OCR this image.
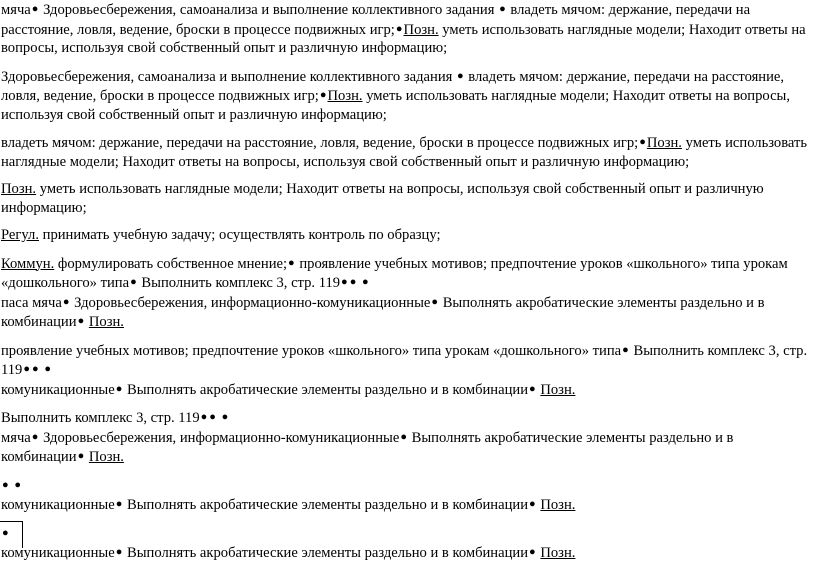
мяча● Здоровьесбережения, самоанализа и выполнение коллективного задания ● владеть мячом: держание, передачи на расстояние, ловля, ведение, броски в процессе подвижных игр;●Позн. уметь использовать наглядные модели; Находит ответы на вопросы, используя свой собственный опыт и различную информацию;

Здоровьесбережения, самоанализа и выполнение коллективного задания ● владеть мячом: держание, передачи на расстояние, ловля, ведение, броски в процессе подвижных игр;●Позн. уметь использовать наглядные модели; Находит ответы на вопросы, используя свой собственный опыт и различную информацию;

владеть мячом: держание, передачи на расстояние, ловля, ведение, броски в процессе подвижных игр;●Позн. уметь использовать наглядные модели; Находит ответы на вопросы, используя свой собственный опыт и различную информацию;

Позн. уметь использовать наглядные модели; Находит ответы на вопросы, используя свой собственный опыт и различную информацию;

Регул. принимать учебную задачу; осуществлять контроль по образцу;

Коммун. формулировать собственное мнение;● проявление учебных мотивов; предпочтение уроков «школьного» типа урокам «дошкольного» типа● Выполнить комплекс 3, стр. 119● ● ●
паса мяча● Здоровьесбережения, информационно-комуникационные● Выполнять акробатические элементы раздельно и в комбинации● Позн.

проявление учебных мотивов; предпочтение уроков «школьного» типа урокам «дошкольного» типа● Выполнить комплекс 3, стр. 119● ● ●
комуникационные● Выполнять акробатические элементы раздельно и в комбинации● Позн.

Выполнить комплекс 3, стр. 119● ● ●
мяча● Здоровьесбережения, информационно-комуникационные● Выполнять акробатические элементы раздельно и в комбинации● Позн.

● ●
комуникационные● Выполнять акробатические элементы раздельно и в комбинации● Позн.

●
комуникационные● Выполнять акробатические элементы раздельно и в комбинации● Позн.
